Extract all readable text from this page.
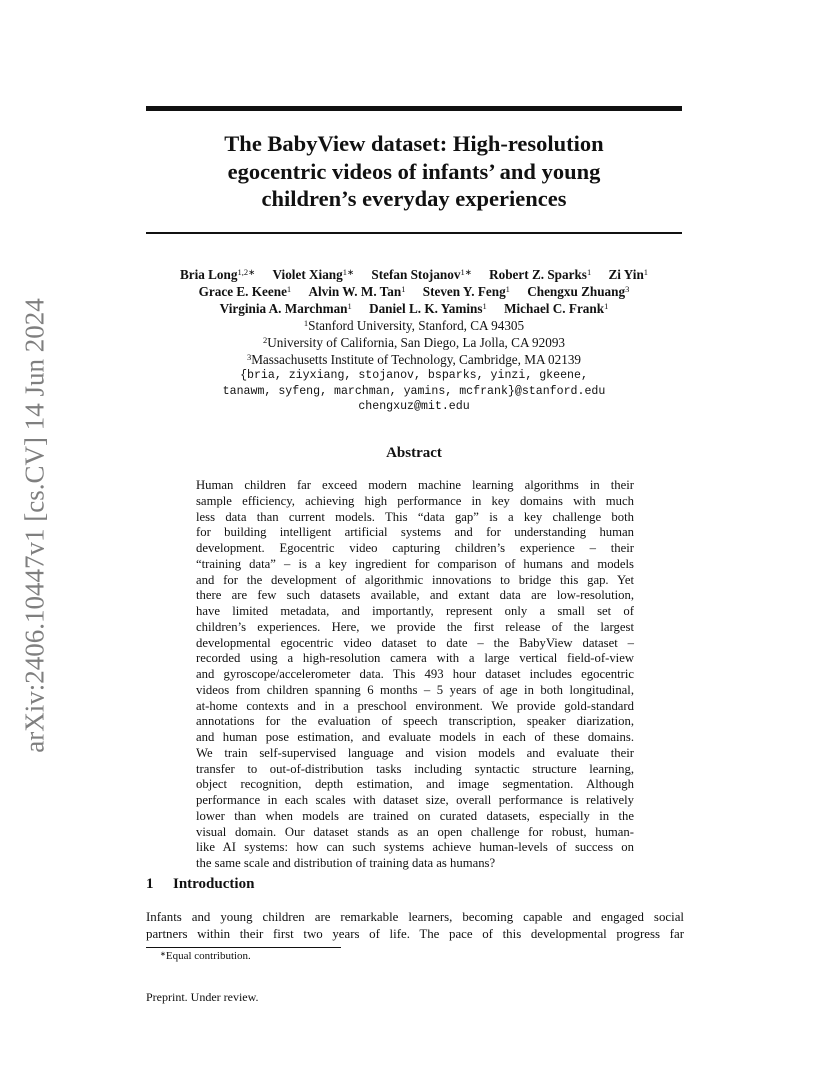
arXiv:2406.10447v1 [cs.CV] 14 Jun 2024
The BabyView dataset: High-resolution
egocentric videos of infants’ and young
children’s everyday experiences
Bria Long$^{1,2∗}$ Violet Xiang$^{1∗}$ Stefan Stojanov$^{1∗}$ Robert Z. Sparks$^1$ Zi Yin$^1$
Grace E. Keene$^1$ Alvin W. M. Tan$^1$ Steven Y. Feng$^1$ Chengxu Zhuang$^3$
Virginia A. Marchman$^1$ Daniel L. K. Yamins$^1$ Michael C. Frank$^1$
$^1$Stanford University, Stanford, CA 94305
$^2$University of California, San Diego, La Jolla, CA 92093
$^3$Massachusetts Institute of Technology, Cambridge, MA 02139
{bria, ziyxiang, stojanov, bsparks, yinzi, gkeene,
tanawm, syfeng, marchman, yamins, mcfrank}@stanford.edu
chengxuz@mit.edu
Abstract
Human children far exceed modern machine learning algorithms in their
sample efficiency, achieving high performance in key domains with much
less data than current models. This “data gap” is a key challenge both
for building intelligent artificial systems and for understanding human
development. Egocentric video capturing children’s experience – their
“training data” – is a key ingredient for comparison of humans and models
and for the development of algorithmic innovations to bridge this gap. Yet
there are few such datasets available, and extant data are low-resolution,
have limited metadata, and importantly, represent only a small set of
children’s experiences. Here, we provide the first release of the largest
developmental egocentric video dataset to date – the BabyView dataset –
recorded using a high-resolution camera with a large vertical field-of-view
and gyroscope/accelerometer data. This 493 hour dataset includes egocentric
videos from children spanning 6 months – 5 years of age in both longitudinal,
at-home contexts and in a preschool environment. We provide gold-standard
annotations for the evaluation of speech transcription, speaker diarization,
and human pose estimation, and evaluate models in each of these domains.
We train self-supervised language and vision models and evaluate their
transfer to out-of-distribution tasks including syntactic structure learning,
object recognition, depth estimation, and image segmentation. Although
performance in each scales with dataset size, overall performance is relatively
lower than when models are trained on curated datasets, especially in the
visual domain. Our dataset stands as an open challenge for robust, human-
like AI systems: how can such systems achieve human-levels of success on
the same scale and distribution of training data as humans?
1 Introduction
Infants and young children are remarkable learners, becoming capable and engaged social
partners within their first two years of life. The pace of this developmental progress far
∗Equal contribution.
Preprint. Under review.
